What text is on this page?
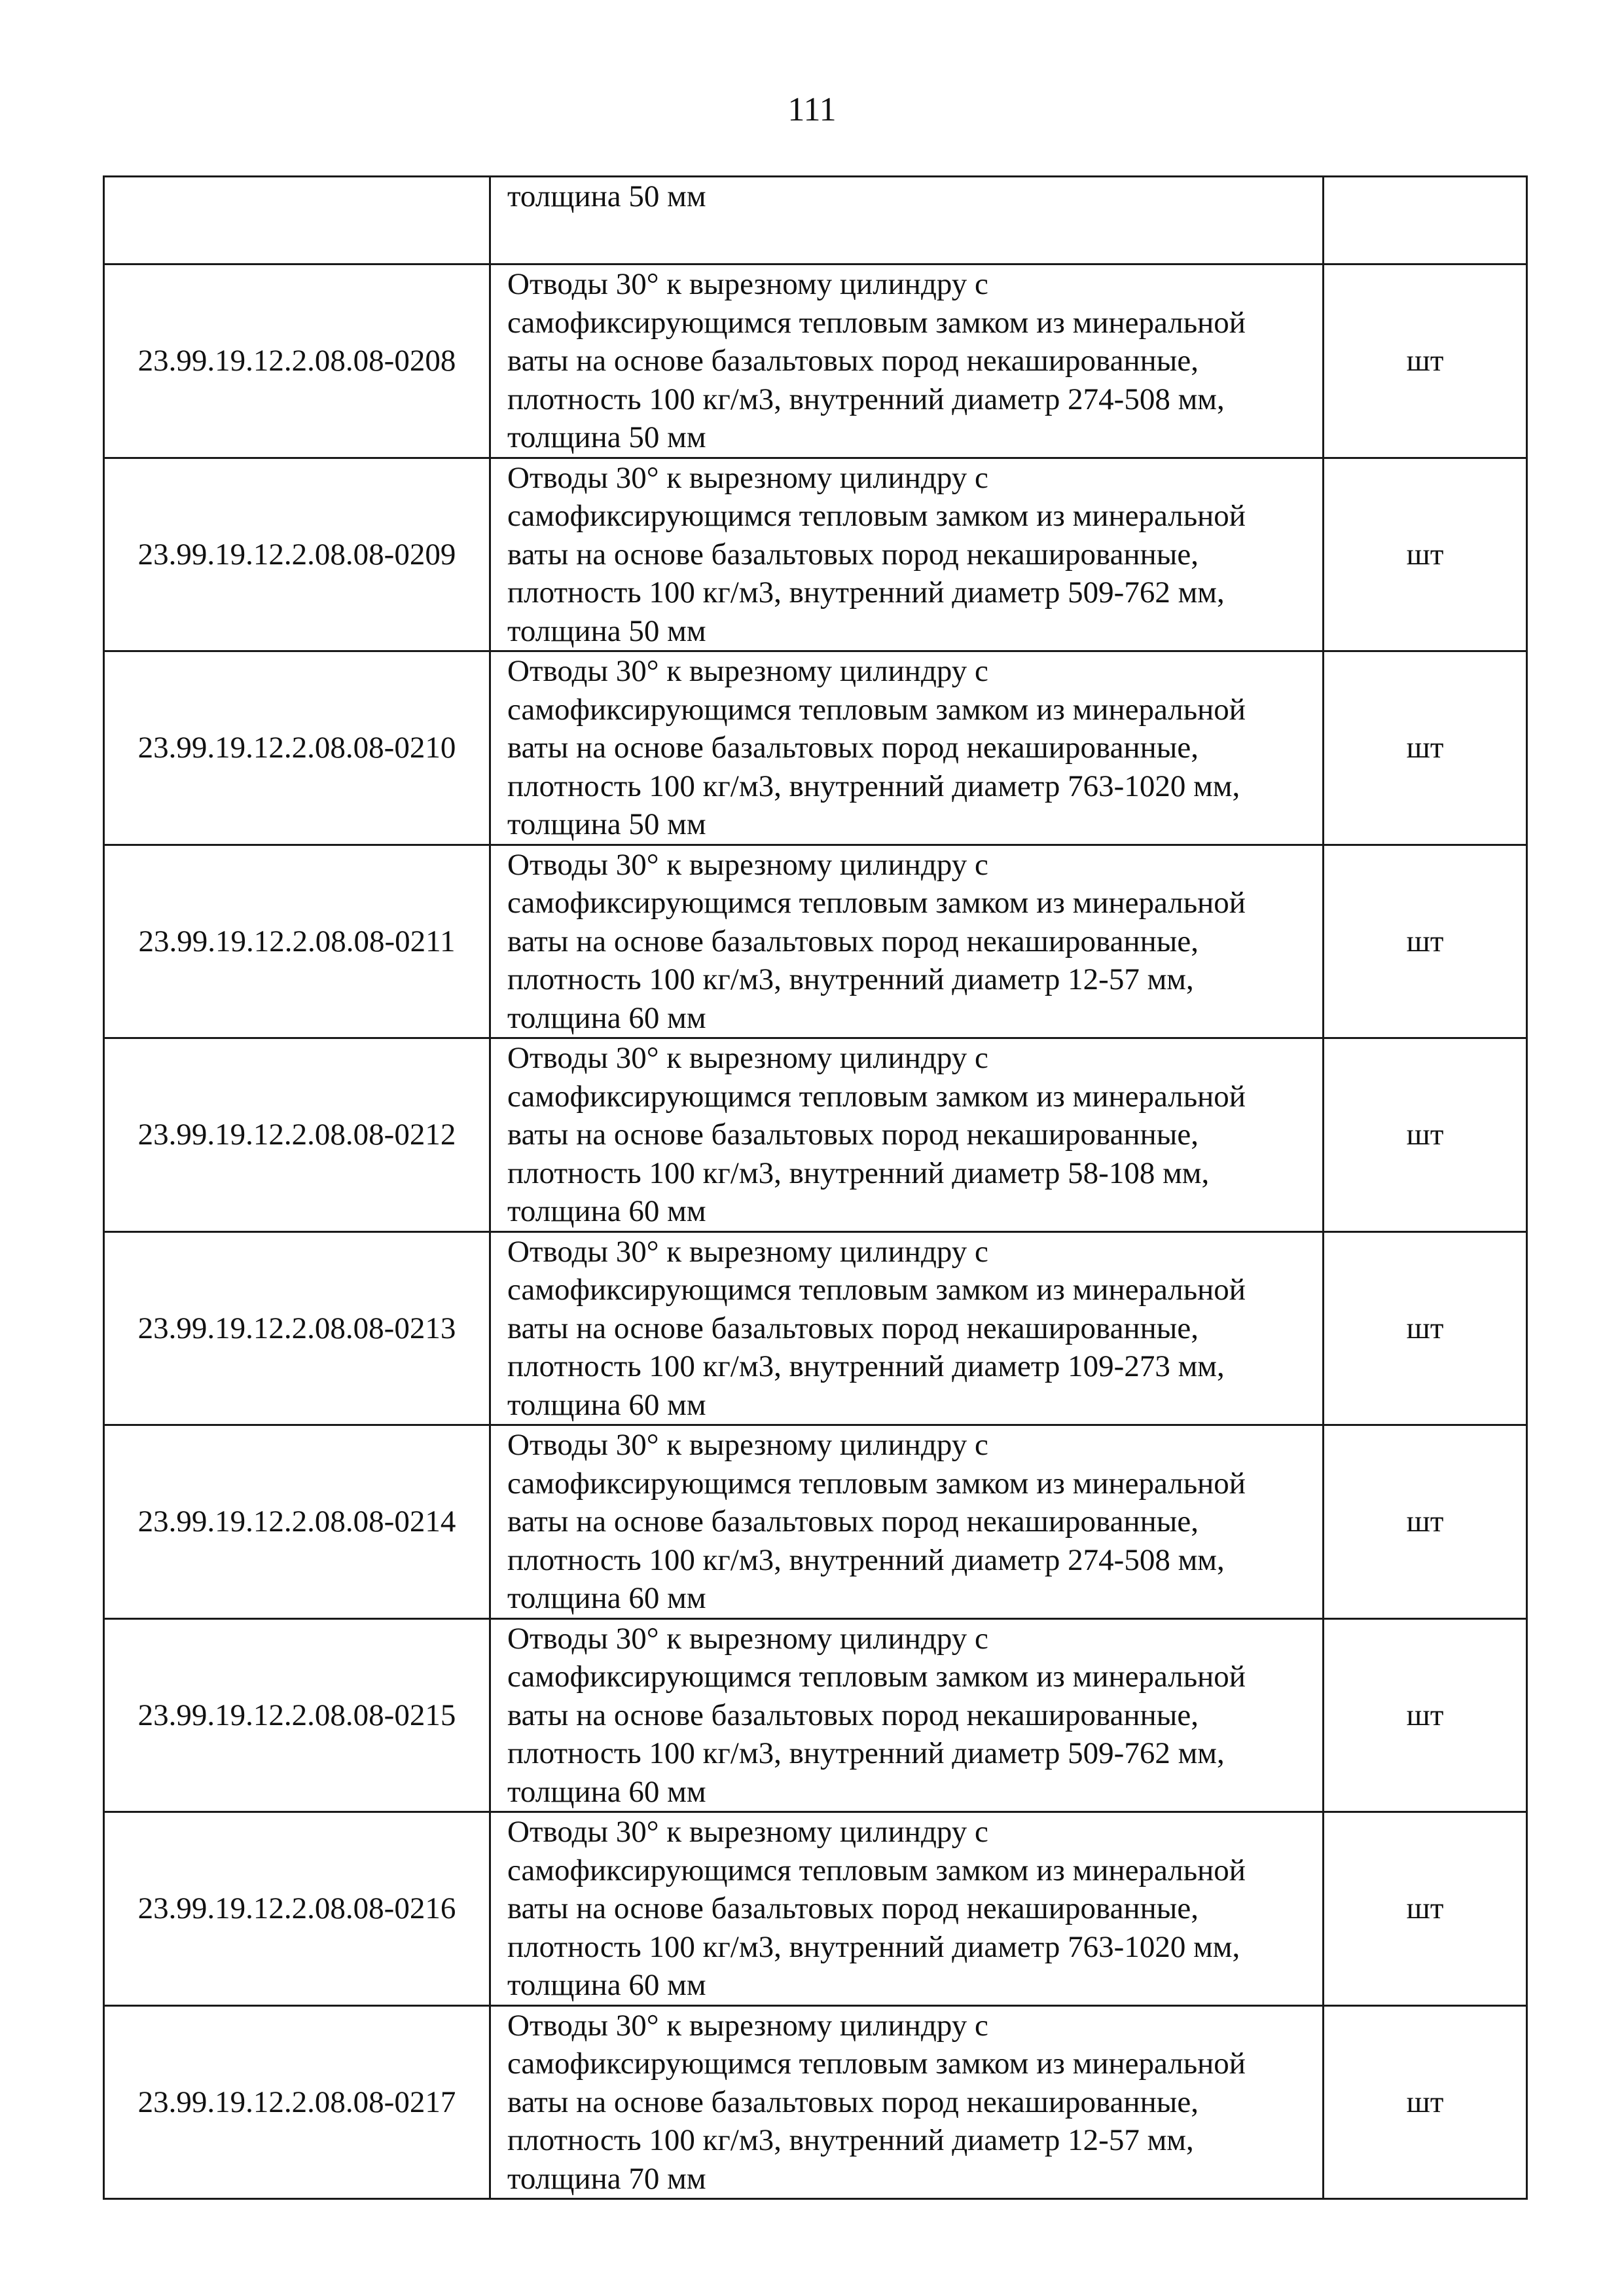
111
	толщина 50 мм	
23.99.19.12.2.08.08-0208	Отводы 30° к вырезному цилиндру с
самофиксирующимся тепловым замком из минеральной
ваты на основе базальтовых пород некашированные,
плотность 100 кг/м3, внутренний диаметр 274-508 мм,
толщина 50 мм	шт
23.99.19.12.2.08.08-0209	Отводы 30° к вырезному цилиндру с
самофиксирующимся тепловым замком из минеральной
ваты на основе базальтовых пород некашированные,
плотность 100 кг/м3, внутренний диаметр 509-762 мм,
толщина 50 мм	шт
23.99.19.12.2.08.08-0210	Отводы 30° к вырезному цилиндру с
самофиксирующимся тепловым замком из минеральной
ваты на основе базальтовых пород некашированные,
плотность 100 кг/м3, внутренний диаметр 763-1020 мм,
толщина 50 мм	шт
23.99.19.12.2.08.08-0211	Отводы 30° к вырезному цилиндру с
самофиксирующимся тепловым замком из минеральной
ваты на основе базальтовых пород некашированные,
плотность 100 кг/м3, внутренний диаметр 12-57 мм,
толщина 60 мм	шт
23.99.19.12.2.08.08-0212	Отводы 30° к вырезному цилиндру с
самофиксирующимся тепловым замком из минеральной
ваты на основе базальтовых пород некашированные,
плотность 100 кг/м3, внутренний диаметр 58-108 мм,
толщина 60 мм	шт
23.99.19.12.2.08.08-0213	Отводы 30° к вырезному цилиндру с
самофиксирующимся тепловым замком из минеральной
ваты на основе базальтовых пород некашированные,
плотность 100 кг/м3, внутренний диаметр 109-273 мм,
толщина 60 мм	шт
23.99.19.12.2.08.08-0214	Отводы 30° к вырезному цилиндру с
самофиксирующимся тепловым замком из минеральной
ваты на основе базальтовых пород некашированные,
плотность 100 кг/м3, внутренний диаметр 274-508 мм,
толщина 60 мм	шт
23.99.19.12.2.08.08-0215	Отводы 30° к вырезному цилиндру с
самофиксирующимся тепловым замком из минеральной
ваты на основе базальтовых пород некашированные,
плотность 100 кг/м3, внутренний диаметр 509-762 мм,
толщина 60 мм	шт
23.99.19.12.2.08.08-0216	Отводы 30° к вырезному цилиндру с
самофиксирующимся тепловым замком из минеральной
ваты на основе базальтовых пород некашированные,
плотность 100 кг/м3, внутренний диаметр 763-1020 мм,
толщина 60 мм	шт
23.99.19.12.2.08.08-0217	Отводы 30° к вырезному цилиндру с
самофиксирующимся тепловым замком из минеральной
ваты на основе базальтовых пород некашированные,
плотность 100 кг/м3, внутренний диаметр 12-57 мм,
толщина 70 мм	шт
